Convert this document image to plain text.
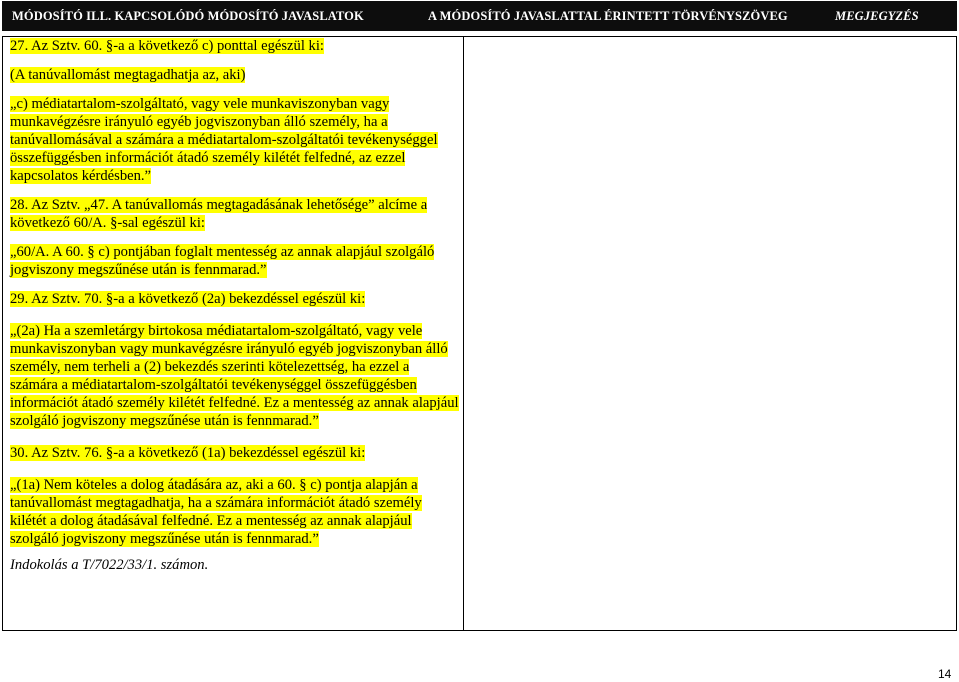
MÓDOSÍTÓ ILL. KAPCSOLÓDÓ MÓDOSÍTÓ JAVASLATOK	A MÓDOSÍTÓ JAVASLATTAL ÉRINTETT TÖRVÉNYSZÖVEG	MEGJEGYZÉS

27. Az Sztv. 60. §-a a következő c) ponttal egészül ki:

(A tanúvallomást megtagadhatja az, aki)

„c) médiatartalom-szolgáltató, vagy vele munkaviszonyban vagy munkavégzésre irányuló egyéb jogviszonyban álló személy, ha a tanúvallomásával a számára a médiatartalom-szolgáltatói tevékenységgel összefüggésben információt átadó személy kilétét felfedné, az ezzel kapcsolatos kérdésben.”

28. Az Sztv. „47. A tanúvallomás megtagadásának lehetősége” alcíme a következő 60/A. §-sal egészül ki:

„60/A. A 60. § c) pontjában foglalt mentesség az annak alapjául szolgáló jogviszony megszűnése után is fennmarad.”

29. Az Sztv. 70. §-a a következő (2a) bekezdéssel egészül ki:

„(2a) Ha a szemletárgy birtokosa médiatartalom-szolgáltató, vagy vele munkaviszonyban vagy munkavégzésre irányuló egyéb jogviszonyban álló személy, nem terheli a (2) bekezdés szerinti kötelezettség, ha ezzel a számára a médiatartalom-szolgáltatói tevékenységgel összefüggésben információt átadó személy kilétét felfedné. Ez a mentesség az annak alapjául szolgáló jogviszony megszűnése után is fennmarad.”

30. Az Sztv. 76. §-a a következő (1a) bekezdéssel egészül ki:

„(1a) Nem köteles a dolog átadására az, aki a 60. § c) pontja alapján a tanúvallomást megtagadhatja, ha a számára információt átadó személy kilétét a dolog átadásával felfedné. Ez a mentesség az annak alapjául szolgáló jogviszony megszűnése után is fennmarad.”

Indokolás a T/7022/33/1. számon.

14
